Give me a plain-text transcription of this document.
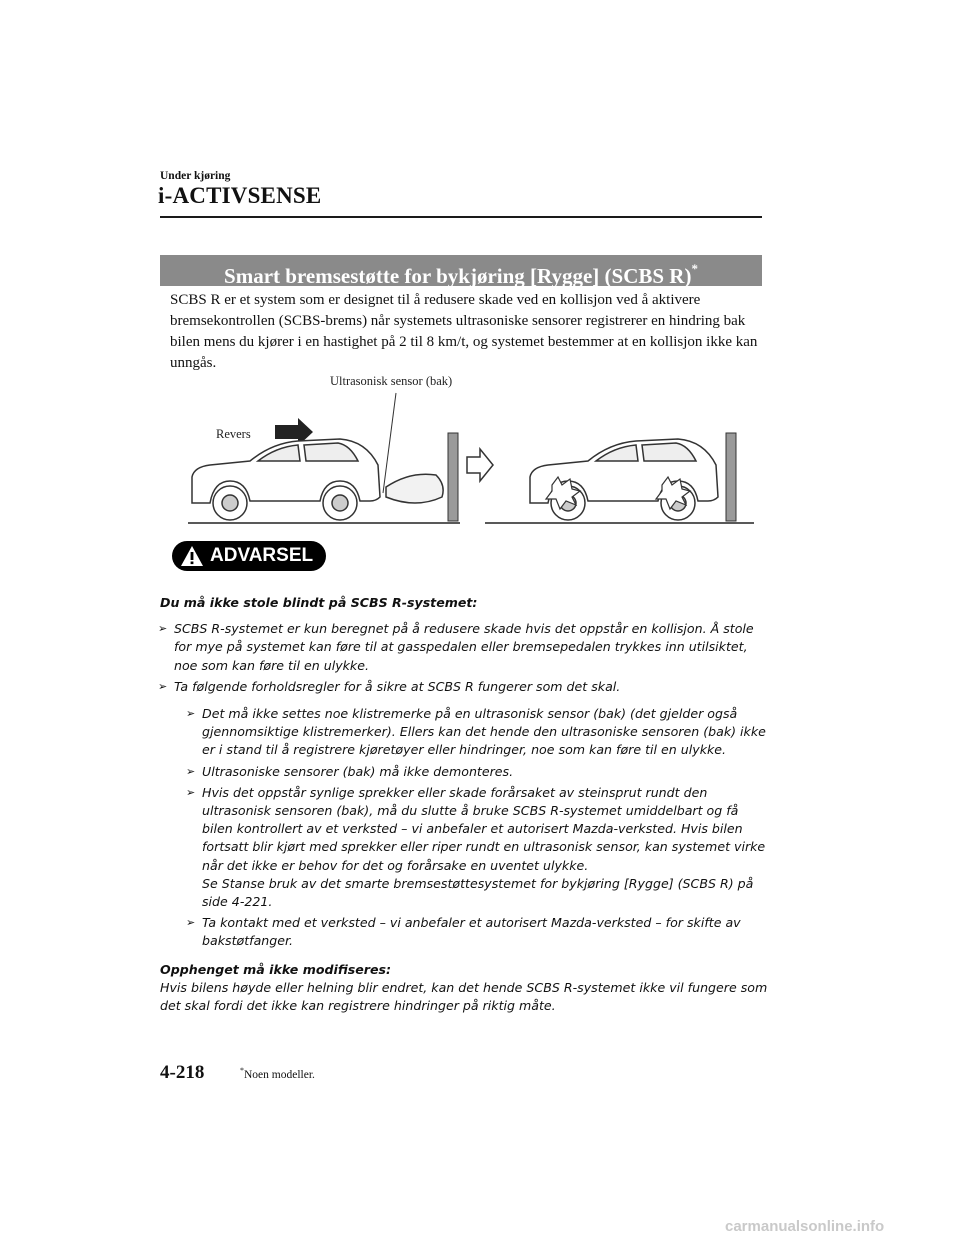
Under kjøring
i-ACTIVSENSE
Smart bremsestøtte for bykjøring [Rygge] (SCBS R)*
SCBS R er et system som er designet til å redusere skade ved en kollisjon ved å aktivere bremsekontrollen (SCBS-brems) når systemets ultrasoniske sensorer registrerer en hindring bak bilen mens du kjører i en hastighet på 2 til 8 km/t, og systemet bestemmer at en kollisjon ikke kan unngås.
Ultrasonisk sensor (bak)
Revers
ADVARSEL
Du må ikke stole blindt på SCBS R-systemet:
➢ SCBS R-systemet er kun beregnet på å redusere skade hvis det oppstår en kollisjon. Å stole for mye på systemet kan føre til at gasspedalen eller bremsepedalen trykkes inn utilsiktet, noe som kan føre til en ulykke.
➢ Ta følgende forholdsregler for å sikre at SCBS R fungerer som det skal.
➢ Det må ikke settes noe klistremerke på en ultrasonisk sensor (bak) (det gjelder også gjennomsiktige klistremerker). Ellers kan det hende den ultrasoniske sensoren (bak) ikke er i stand til å registrere kjøretøyer eller hindringer, noe som kan føre til en ulykke.
➢ Ultrasoniske sensorer (bak) må ikke demonteres.
➢ Hvis det oppstår synlige sprekker eller skade forårsaket av steinsprut rundt den ultrasonisk sensoren (bak), må du slutte å bruke SCBS R-systemet umiddelbart og få bilen kontrollert av et verksted – vi anbefaler et autorisert Mazda-verksted. Hvis bilen fortsatt blir kjørt med sprekker eller riper rundt en ultrasonisk sensor, kan systemet virke når det ikke er behov for det og forårsake en uventet ulykke.
Se Stanse bruk av det smarte bremsestøttesystemet for bykjøring [Rygge] (SCBS R) på side 4-221.
➢ Ta kontakt med et verksted – vi anbefaler et autorisert Mazda-verksted – for skifte av bakstøtfanger.
Opphenget må ikke modifiseres:
Hvis bilens høyde eller helning blir endret, kan det hende SCBS R-systemet ikke vil fungere som det skal fordi det ikke kan registrere hindringer på riktig måte.
4-218	*Noen modeller.
carmanualsonline.info
